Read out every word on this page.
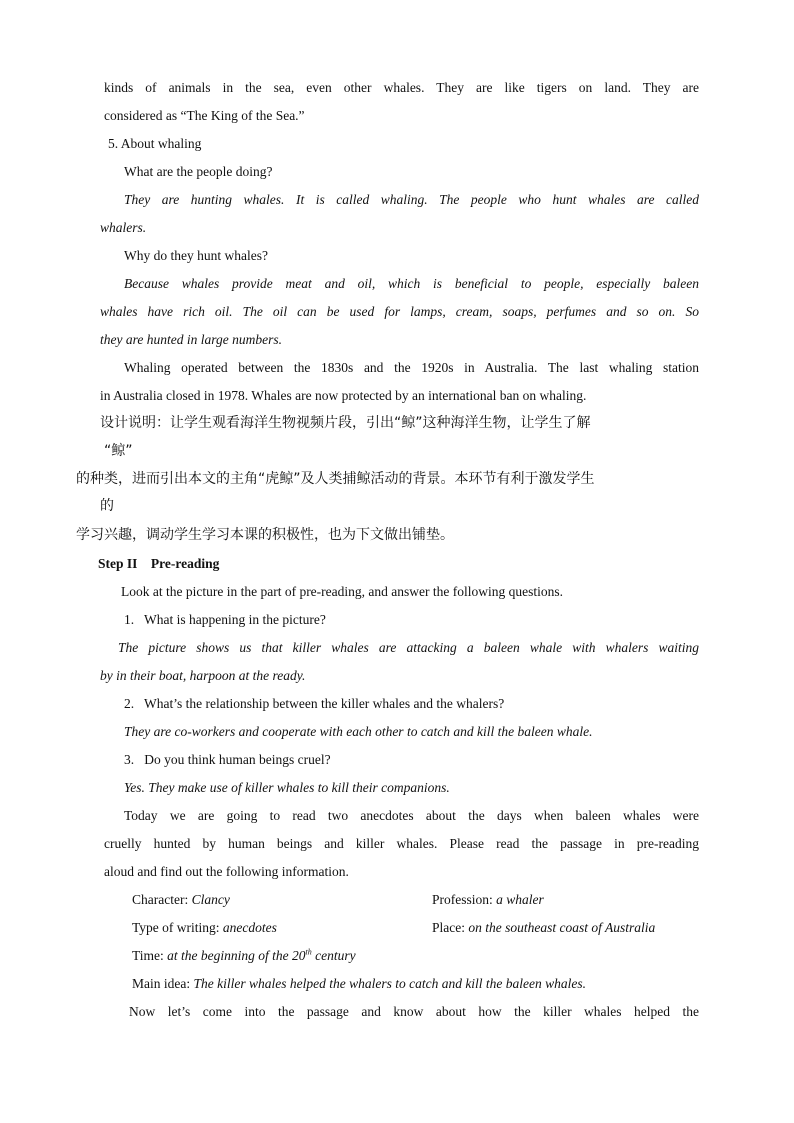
kinds of animals in the sea, even other whales. They are like tigers on land. They are
considered as “The King of the Sea.”
5. About whaling
What are the people doing?
They are hunting whales. It is called whaling. The people who hunt whales are called
whalers.
Why do they hunt whales?
Because whales provide meat and oil, which is beneficial to people, especially baleen
whales have rich oil. The oil can be used for lamps, cream, soaps, perfumes and so on. So
they are hunted in large numbers.
Whaling operated between the 1830s and the 1920s in Australia. The last whaling station
in Australia closed in 1978. Whales are now protected by an international ban on whaling.
设计说明：让学生观看海洋生物视频片段，引出“鲸”这种海洋生物，让学生了解
“鲸”
的种类，进而引出本文的主角“虎鲸”及人类捕鲸活动的背景。本环节有利于激发学生
的
学习兴趣，调动学生学习本课的积极性，也为下文做出铺垫。
Step II    Pre-reading
Look at the picture in the part of pre-reading, and answer the following questions.
1.   What is happening in the picture?
The picture shows us that killer whales are attacking a baleen whale with whalers waiting
by in their boat, harpoon at the ready.
2.   What’s the relationship between the killer whales and the whalers?
They are co-workers and cooperate with each other to catch and kill the baleen whale.
3.   Do you think human beings cruel?
Yes. They make use of killer whales to kill their companions.
Today we are going to read two anecdotes about the days when baleen whales were
cruelly hunted by human beings and killer whales. Please read the passage in pre-reading
aloud and find out the following information.
Character: Clancy	Profession: a whaler
Type of writing: anecdotes	Place: on the southeast coast of Australia
Time: at the beginning of the 20th century
Main idea: The killer whales helped the whalers to catch and kill the baleen whales.
Now let’s come into the passage and know about how the killer whales helped the
